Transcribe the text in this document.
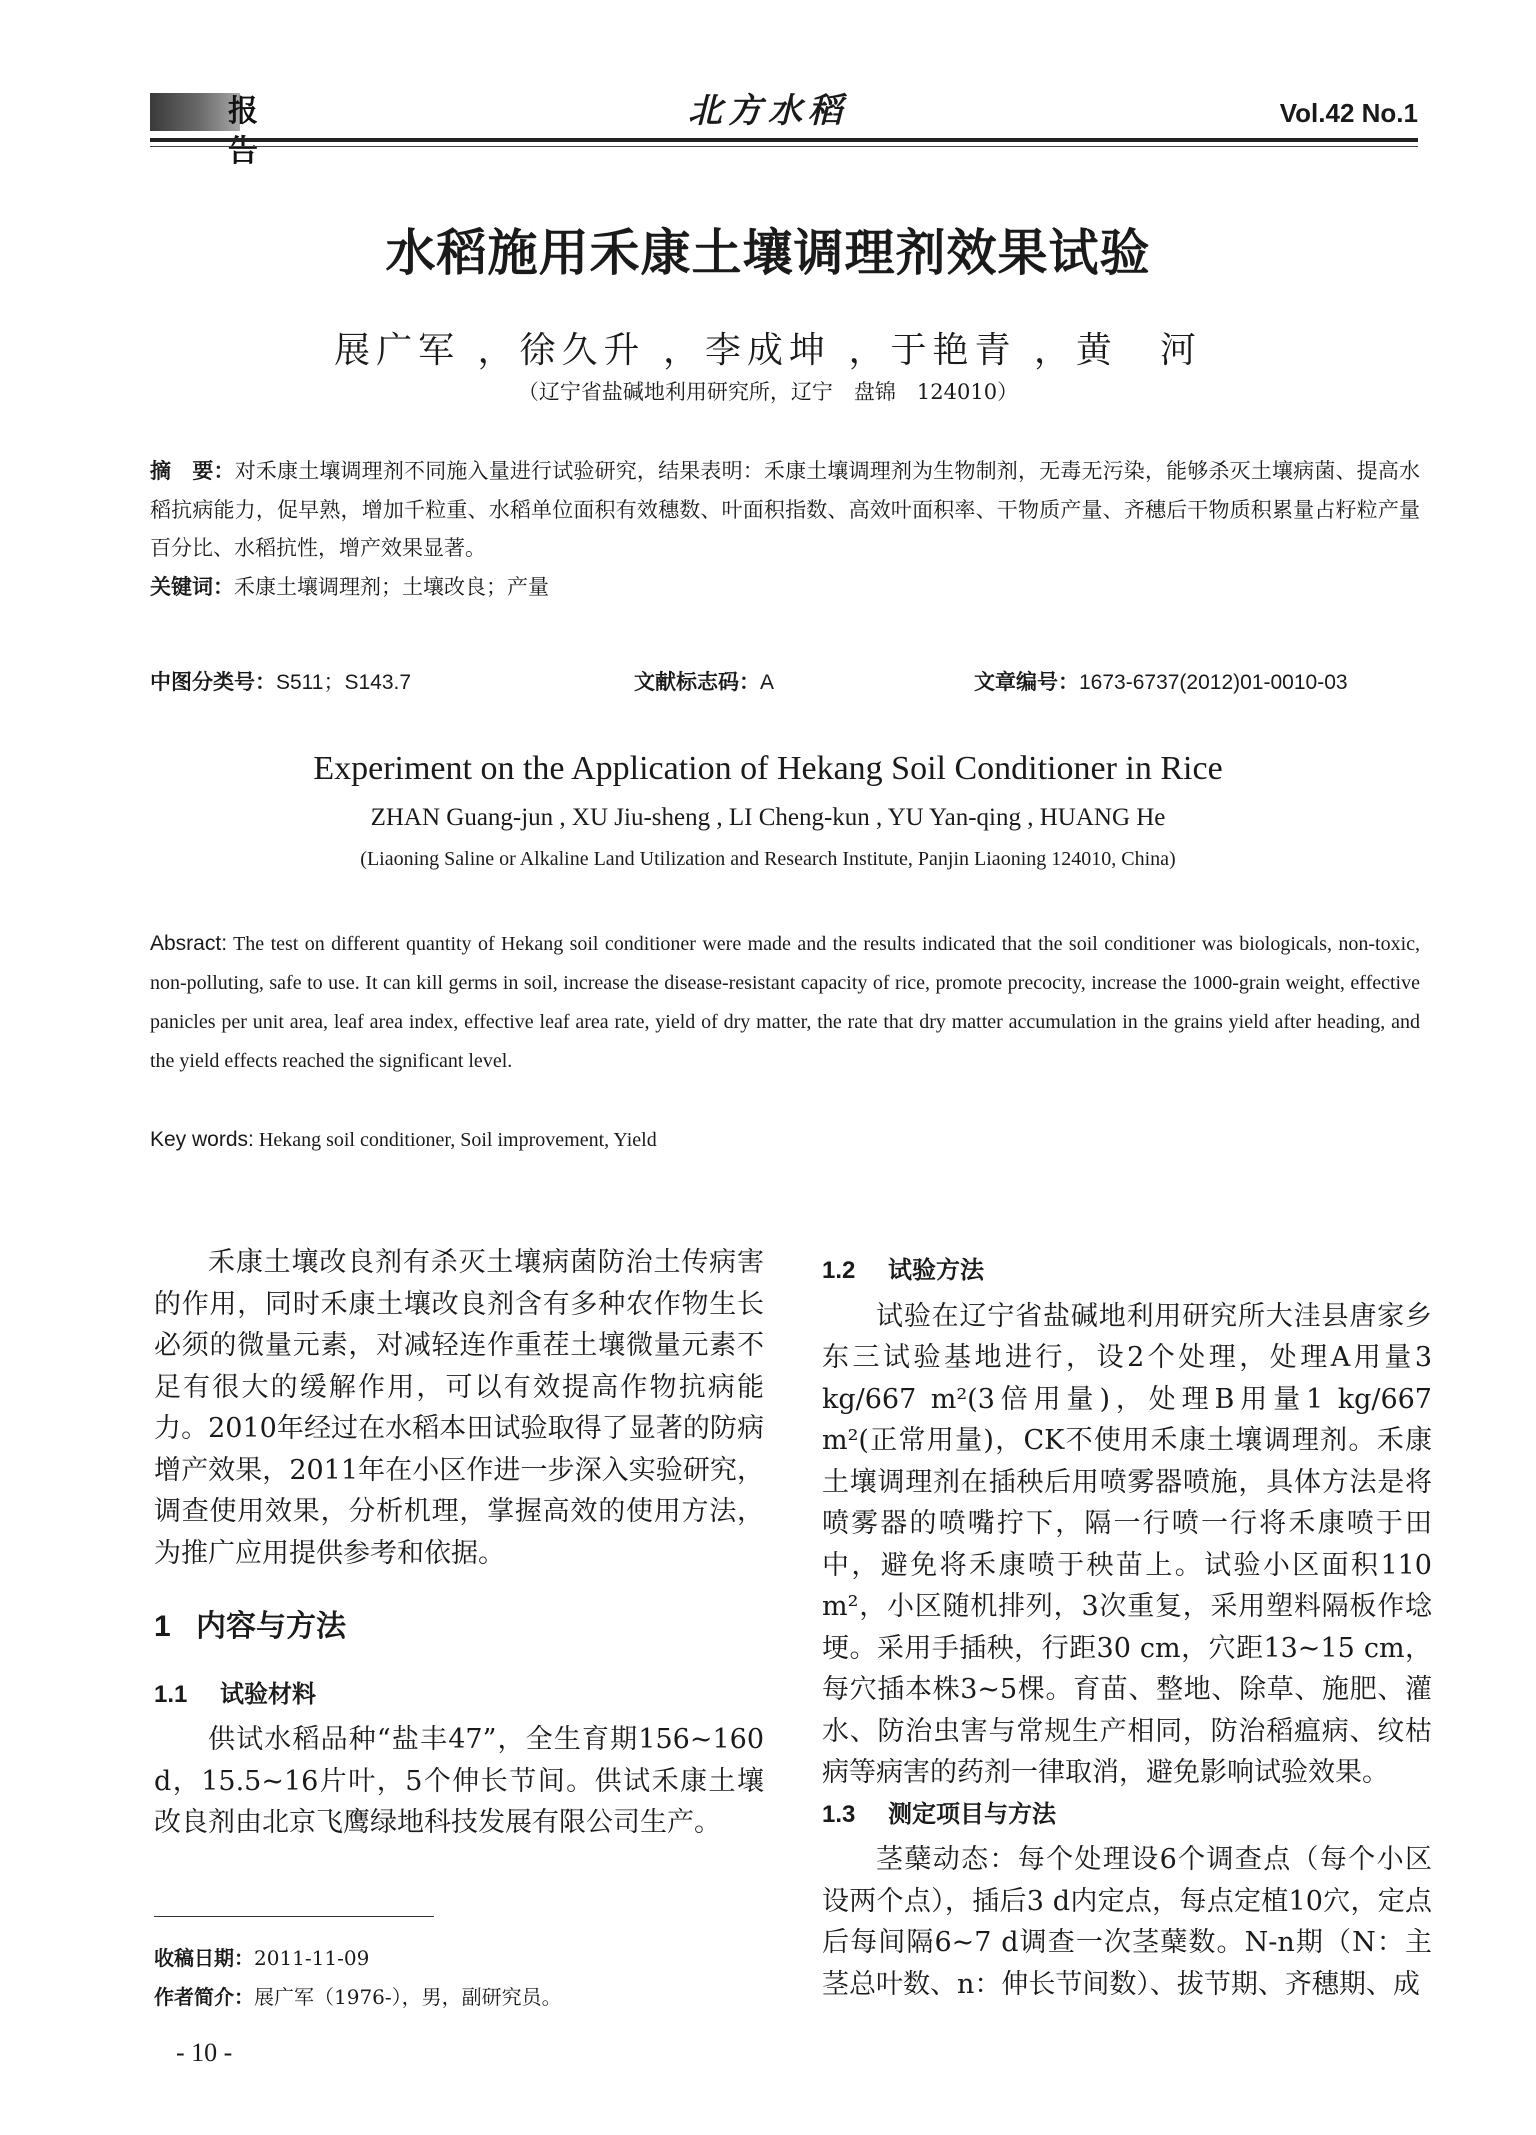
报告
北方水稻	Vol.42 No.1
水稻施用禾康土壤调理剂效果试验
展广军 ，徐久升 ，李成坤 ，于艳青 ，黄　河
（辽宁省盐碱地利用研究所，辽宁　盘锦　124010）
摘　要：对禾康土壤调理剂不同施入量进行试验研究，结果表明：禾康土壤调理剂为生物制剂，无毒无污染，能够杀灭土壤病菌、提高水稻抗病能力，促早熟，增加千粒重、水稻单位面积有效穗数、叶面积指数、高效叶面积率、干物质产量、齐穗后干物质积累量占籽粒产量百分比、水稻抗性，增产效果显著。
关键词：禾康土壤调理剂；土壤改良；产量
中图分类号：S511；S143.7	文献标志码：A	文章编号：1673-6737(2012)01-0010-03
Experiment on the Application of Hekang Soil Conditioner in Rice
ZHAN Guang-jun , XU Jiu-sheng , LI Cheng-kun , YU Yan-qing , HUANG He
(Liaoning Saline or Alkaline Land Utilization and Research Institute, Panjin Liaoning 124010, China)
Absract: The test on different quantity of Hekang soil conditioner were made and the results indicated that the soil conditioner was biologicals, non-toxic, non-polluting, safe to use. It can kill germs in soil, increase the disease-resistant capacity of rice, promote precocity, increase the 1000-grain weight, effective panicles per unit area, leaf area index, effective leaf area rate, yield of dry matter, the rate that dry matter accumulation in the grains yield after heading, and the yield effects reached the significant level.
Key words: Hekang soil conditioner, Soil improvement, Yield

禾康土壤改良剂有杀灭土壤病菌防治土传病害的作用，同时禾康土壤改良剂含有多种农作物生长必须的微量元素，对减轻连作重茬土壤微量元素不足有很大的缓解作用，可以有效提高作物抗病能力。2010年经过在水稻本田试验取得了显著的防病增产效果，2011年在小区作进一步深入实验研究，调查使用效果，分析机理，掌握高效的使用方法，为推广应用提供参考和依据。

1 内容与方法
1.1 试验材料

供试水稻品种“盐丰47”，全生育期156~160 d，15.5~16片叶，5个伸长节间。供试禾康土壤改良剂由北京飞鹰绿地科技发展有限公司生产。

1.2 试验方法

试验在辽宁省盐碱地利用研究所大洼县唐家乡东三试验基地进行，设2个处理，处理A用量3 kg/667 m²(3倍用量)，处理B用量1 kg/667 m²(正常用量)，CK不使用禾康土壤调理剂。禾康土壤调理剂在插秧后用喷雾器喷施，具体方法是将喷雾器的喷嘴拧下，隔一行喷一行将禾康喷于田中，避免将禾康喷于秧苗上。试验小区面积110 m²，小区随机排列，3次重复，采用塑料隔板作埝埂。采用手插秧，行距30 cm，穴距13~15 cm，每穴插本株3~5棵。育苗、整地、除草、施肥、灌水、防治虫害与常规生产相同，防治稻瘟病、纹枯病等病害的药剂一律取消，避免影响试验效果。

1.3 测定项目与方法

茎蘖动态：每个处理设6个调查点（每个小区设两个点），插后3 d内定点，每点定植10穴，定点后每间隔6~7 d调查一次茎蘖数。N-n期（N：主茎总叶数、n：伸长节间数）、拔节期、齐穗期、成

收稿日期：2011-11-09
作者简介：展广军（1976-），男，副研究员。
- 10 -
